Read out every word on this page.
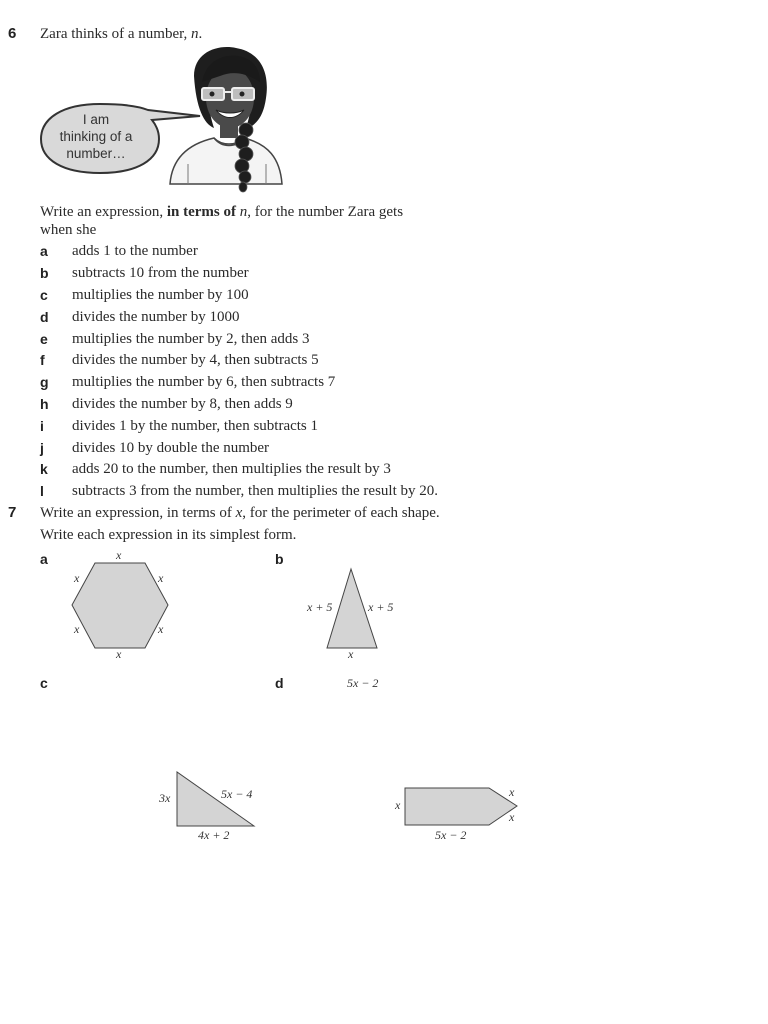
6 Zara thinks of a number, n.
I am thinking of a number…
Write an expression, in terms of n, for the number Zara gets
when she
a adds 1 to the number
b subtracts 10 from the number
c multiplies the number by 100
d divides the number by 1000
e multiplies the number by 2, then adds 3
f divides the number by 4, then subtracts 5
g multiplies the number by 6, then subtracts 7
h divides the number by 8, then adds 9
i divides 1 by the number, then subtracts 1
j divides 10 by double the number
k adds 20 to the number, then multiplies the result by 3
l subtracts 3 from the number, then multiplies the result by 20.
7 Write an expression, in terms of x, for the perimeter of each shape.
Write each expression in its simplest form.
a	b
c	d
x
x	x
x	x
x
x + 5	x + 5
x
3x	5x − 4
4x + 2
5x − 2
x
x
x
5x − 2
